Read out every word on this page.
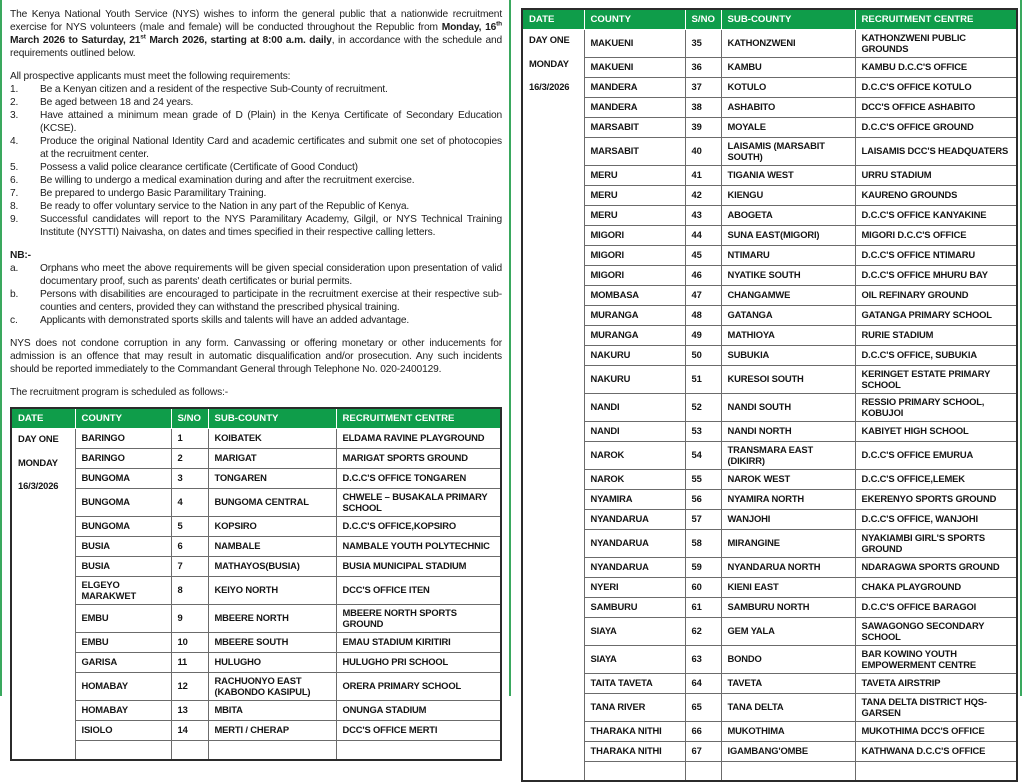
The Kenya National Youth Service (NYS) wishes to inform the general public that a nationwide recruitment exercise for NYS volunteers (male and female) will be conducted throughout the Republic from Monday, 16th March 2026 to Saturday, 21st March 2026, starting at 8:00 a.m. daily, in accordance with the schedule and requirements outlined below.

All prospective applicants must meet the following requirements:

1.	Be a Kenyan citizen and a resident of the respective Sub-County of recruitment.
2.	Be aged between 18 and 24 years.
3.	Have attained a minimum mean grade of D (Plain) in the Kenya Certificate of Secondary Education (KCSE).
4.	Produce the original National Identity Card and academic certificates and submit one set of photocopies at the recruitment center.
5.	Possess a valid police clearance certificate (Certificate of Good Conduct)
6.	Be willing to undergo a medical examination during and after the recruitment exercise.
7.	Be prepared to undergo Basic Paramilitary Training.
8.	Be ready to offer voluntary service to the Nation in any part of the Republic of Kenya.
9.	Successful candidates will report to the NYS Paramilitary Academy, Gilgil, or NYS Technical Training Institute (NYSTTI) Naivasha, on dates and times specified in their respective calling letters.

NB:-

a.	Orphans who meet the above requirements will be given special consideration upon presentation of valid documentary proof, such as parents' death certificates or burial permits.
b.	Persons with disabilities are encouraged to participate in the recruitment exercise at their respective sub-counties and centers, provided they can withstand the prescribed physical training.
c.	Applicants with demonstrated sports skills and talents will have an added advantage.

NYS does not condone corruption in any form. Canvassing or offering monetary or other inducements for admission is an offence that may result in automatic disqualification and/or prosecution. Any such incidents should be reported immediately to the Commandant General through Telephone No. 020-2400129.

The recruitment program is scheduled as follows:-

DATE	COUNTY	S/NO	SUB-COUNTY	RECRUITMENT CENTRE

DAY ONE
MONDAY
16/3/2026	BARINGO	1	KOIBATEK	ELDAMA RAVINE PLAYGROUND
	BARINGO	2	MARIGAT	MARIGAT SPORTS GROUND
	BUNGOMA	3	TONGAREN	D.C.C'S OFFICE TONGAREN
	BUNGOMA	4	BUNGOMA CENTRAL	CHWELE – BUSAKALA PRIMARY SCHOOL
	BUNGOMA	5	KOPSIRO	D.C.C'S OFFICE,KOPSIRO
	BUSIA	6	NAMBALE	NAMBALE YOUTH POLYTECHNIC
	BUSIA	7	MATHAYOS(BUSIA)	BUSIA MUNICIPAL STADIUM
	ELGEYO MARAKWET	8	KEIYO NORTH	DCC'S OFFICE ITEN
	EMBU	9	MBEERE NORTH	MBEERE NORTH SPORTS GROUND
	EMBU	10	MBEERE SOUTH	EMAU STADIUM KIRITIRI
	GARISA	11	HULUGHO	HULUGHO PRI SCHOOL
	HOMABAY	12	RACHUONYO EAST (KABONDO KASIPUL)	ORERA PRIMARY SCHOOL
	HOMABAY	13	MBITA	ONUNGA STADIUM
	ISIOLO	14	MERTI / CHERAP	DCC'S OFFICE MERTI

DATE	COUNTY	S/NO	SUB-COUNTY	RECRUITMENT CENTRE

DAY ONE
MONDAY
16/3/2026	MAKUENI	35	KATHONZWENI	KATHONZWENI PUBLIC GROUNDS
	MAKUENI	36	KAMBU	KAMBU D.C.C'S OFFICE
	MANDERA	37	KOTULO	D.C.C'S OFFICE KOTULO
	MANDERA	38	ASHABITO	DCC'S OFFICE ASHABITO
	MARSABIT	39	MOYALE	D.C.C'S OFFICE GROUND
	MARSABIT	40	LAISAMIS (MARSABIT SOUTH)	LAISAMIS DCC'S HEADQUATERS
	MERU	41	TIGANIA WEST	URRU STADIUM
	MERU	42	KIENGU	KAURENO GROUNDS
	MERU	43	ABOGETA	D.C.C'S OFFICE KANYAKINE
	MIGORI	44	SUNA EAST(MIGORI)	MIGORI D.C.C'S OFFICE
	MIGORI	45	NTIMARU	D.C.C'S OFFICE NTIMARU
	MIGORI	46	NYATIKE SOUTH	D.C.C'S OFFICE MHURU BAY
	MOMBASA	47	CHANGAMWE	OIL REFINARY GROUND
	MURANGA	48	GATANGA	GATANGA PRIMARY SCHOOL
	MURANGA	49	MATHIOYA	RURIE STADIUM
	NAKURU	50	SUBUKIA	D.C.C'S OFFICE, SUBUKIA
	NAKURU	51	KURESOI SOUTH	KERINGET ESTATE PRIMARY SCHOOL
	NANDI	52	NANDI SOUTH	RESSIO PRIMARY SCHOOL, KOBUJOI
	NANDI	53	NANDI NORTH	KABIYET HIGH SCHOOL
	NAROK	54	TRANSMARA EAST (DIKIRR)	D.C.C'S OFFICE EMURUA
	NAROK	55	NAROK WEST	D.C.C'S OFFICE,LEMEK
	NYAMIRA	56	NYAMIRA NORTH	EKERENYO SPORTS GROUND
	NYANDARUA	57	WANJOHI	D.C.C'S OFFICE, WANJOHI
	NYANDARUA	58	MIRANGINE	NYAKIAMBI GIRL'S SPORTS GROUND
	NYANDARUA	59	NYANDARUA NORTH	NDARAGWA SPORTS GROUND
	NYERI	60	KIENI EAST	CHAKA PLAYGROUND
	SAMBURU	61	SAMBURU NORTH	D.C.C'S OFFICE BARAGOI
	SIAYA	62	GEM YALA	SAWAGONGO SECONDARY SCHOOL
	SIAYA	63	BONDO	BAR KOWINO YOUTH EMPOWERMENT CENTRE
	TAITA TAVETA	64	TAVETA	TAVETA AIRSTRIP
	TANA RIVER	65	TANA DELTA	TANA DELTA DISTRICT HQS-GARSEN
	THARAKA NITHI	66	MUKOTHIMA	MUKOTHIMA DCC'S OFFICE
	THARAKA NITHI	67	IGAMBANG'OMBE	KATHWANA D.C.C'S OFFICE
